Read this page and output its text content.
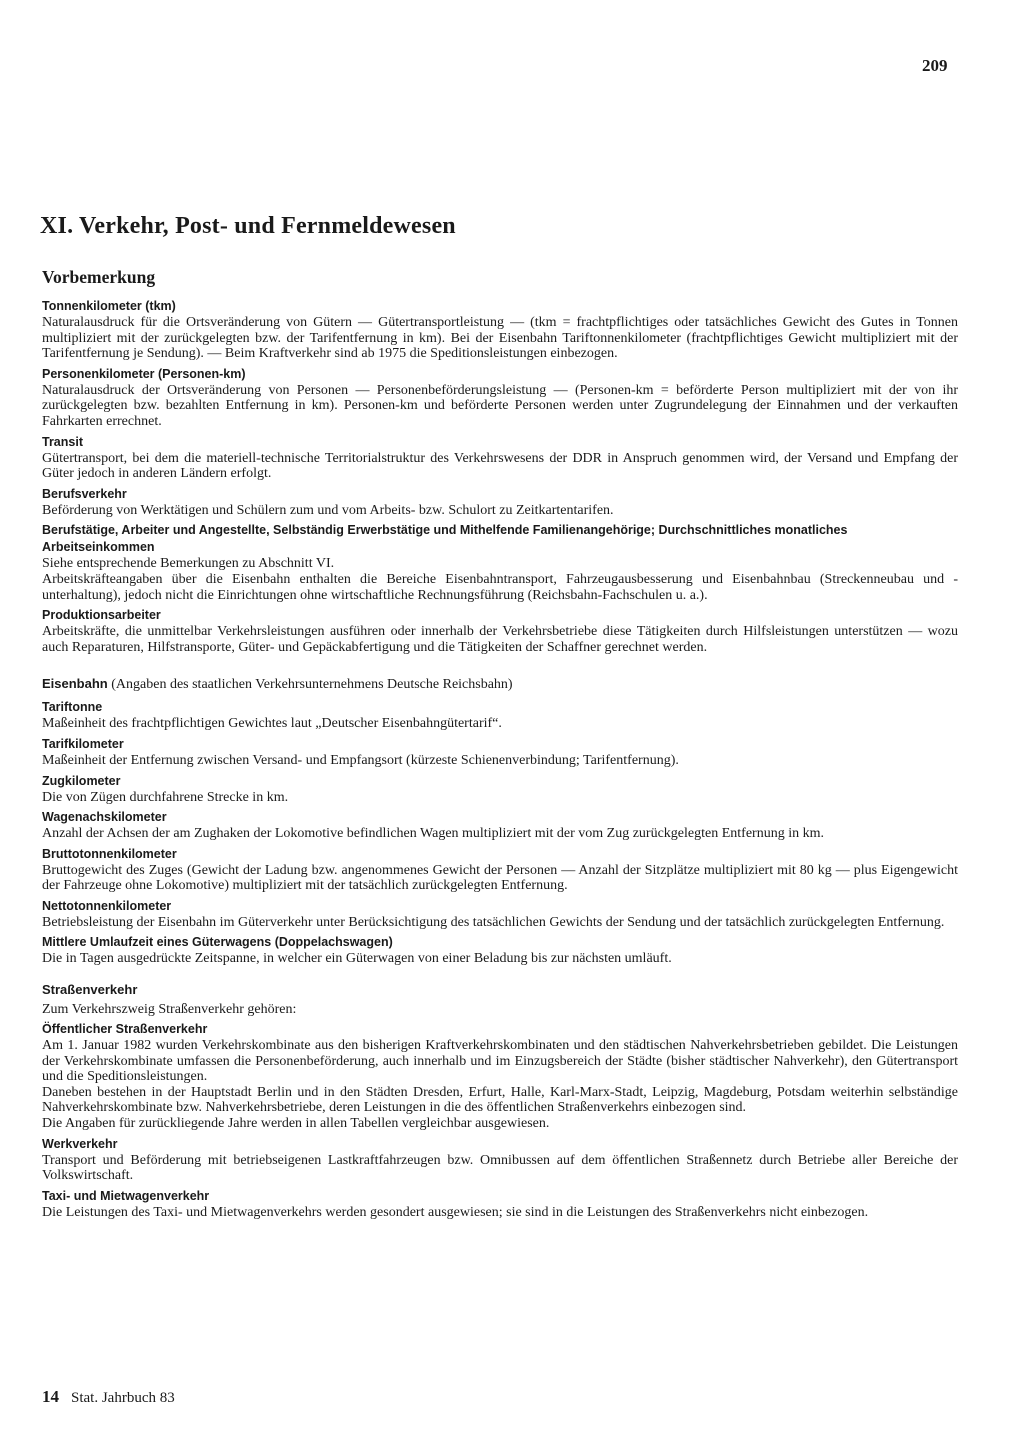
209
XI. Verkehr, Post- und Fernmeldewesen
Vorbemerkung

Tonnenkilometer (tkm)

Naturalausdruck für die Ortsveränderung von Gütern — Gütertransportleistung — (tkm = frachtpflichtiges oder tatsächliches Gewicht des Gutes in Tonnen multipliziert mit der zurückgelegten bzw. der Tarifentfernung in km). Bei der Eisenbahn Tariftonnenkilometer (frachtpflichtiges Gewicht multipliziert mit der Tarifentfernung je Sendung). — Beim Kraftverkehr sind ab 1975 die Speditionsleistungen einbezogen.

Personenkilometer (Personen-km)

Naturalausdruck der Ortsveränderung von Personen — Personenbeförderungsleistung — (Personen-km = beförderte Person multipliziert mit der von ihr zurückgelegten bzw. bezahlten Entfernung in km). Personen-km und beförderte Personen werden unter Zugrundelegung der Einnahmen und der verkauften Fahrkarten errechnet.

Transit

Gütertransport, bei dem die materiell-technische Territorialstruktur des Verkehrswesens der DDR in Anspruch genommen wird, der Versand und Empfang der Güter jedoch in anderen Ländern erfolgt.

Berufsverkehr

Beförderung von Werktätigen und Schülern zum und vom Arbeits- bzw. Schulort zu Zeitkartentarifen.

Berufstätige, Arbeiter und Angestellte, Selbständig Erwerbstätige und Mithelfende Familienangehörige; Durchschnittliches monatliches Arbeitseinkommen

Siehe entsprechende Bemerkungen zu Abschnitt VI.

Arbeitskräfteangaben über die Eisenbahn enthalten die Bereiche Eisenbahntransport, Fahrzeugausbesserung und Eisenbahnbau (Streckenneubau und -unterhaltung), jedoch nicht die Einrichtungen ohne wirtschaftliche Rechnungsführung (Reichsbahn-Fachschulen u. a.).

Produktionsarbeiter

Arbeitskräfte, die unmittelbar Verkehrsleistungen ausführen oder innerhalb der Verkehrsbetriebe diese Tätigkeiten durch Hilfsleistungen unterstützen — wozu auch Reparaturen, Hilfstransporte, Güter- und Gepäckabfertigung und die Tätigkeiten der Schaffner gerechnet werden.

Eisenbahn (Angaben des staatlichen Verkehrsunternehmens Deutsche Reichsbahn)

Tariftonne

Maßeinheit des frachtpflichtigen Gewichtes laut „Deutscher Eisenbahngütertarif“.

Tarifkilometer

Maßeinheit der Entfernung zwischen Versand- und Empfangsort (kürzeste Schienenverbindung; Tarifentfernung).

Zugkilometer

Die von Zügen durchfahrene Strecke in km.

Wagenachskilometer

Anzahl der Achsen der am Zughaken der Lokomotive befindlichen Wagen multipliziert mit der vom Zug zurückgelegten Entfernung in km.

Bruttotonnenkilometer

Bruttogewicht des Zuges (Gewicht der Ladung bzw. angenommenes Gewicht der Personen — Anzahl der Sitzplätze multipliziert mit 80 kg — plus Eigengewicht der Fahrzeuge ohne Lokomotive) multipliziert mit der tatsächlich zurückgelegten Entfernung.

Nettotonnenkilometer

Betriebsleistung der Eisenbahn im Güterverkehr unter Berücksichtigung des tatsächlichen Gewichts der Sendung und der tatsächlich zurückgelegten Entfernung.

Mittlere Umlaufzeit eines Güterwagens (Doppelachswagen)

Die in Tagen ausgedrückte Zeitspanne, in welcher ein Güterwagen von einer Beladung bis zur nächsten umläuft.

Straßenverkehr

Zum Verkehrszweig Straßenverkehr gehören:

Öffentlicher Straßenverkehr

Am 1. Januar 1982 wurden Verkehrskombinate aus den bisherigen Kraftverkehrskombinaten und den städtischen Nahverkehrsbetrieben gebildet. Die Leistungen der Verkehrskombinate umfassen die Personenbeförderung, auch innerhalb und im Einzugsbereich der Städte (bisher städtischer Nahverkehr), den Gütertransport und die Speditionsleistungen.

Daneben bestehen in der Hauptstadt Berlin und in den Städten Dresden, Erfurt, Halle, Karl-Marx-Stadt, Leipzig, Magdeburg, Potsdam weiterhin selbständige Nahverkehrskombinate bzw. Nahverkehrsbetriebe, deren Leistungen in die des öffentlichen Straßenverkehrs einbezogen sind.

Die Angaben für zurückliegende Jahre werden in allen Tabellen vergleichbar ausgewiesen.

Werkverkehr

Transport und Beförderung mit betriebseigenen Lastkraftfahrzeugen bzw. Omnibussen auf dem öffentlichen Straßennetz durch Betriebe aller Bereiche der Volkswirtschaft.

Taxi- und Mietwagenverkehr

Die Leistungen des Taxi- und Mietwagenverkehrs werden gesondert ausgewiesen; sie sind in die Leistungen des Straßenverkehrs nicht einbezogen.

14 Stat. Jahrbuch 83
